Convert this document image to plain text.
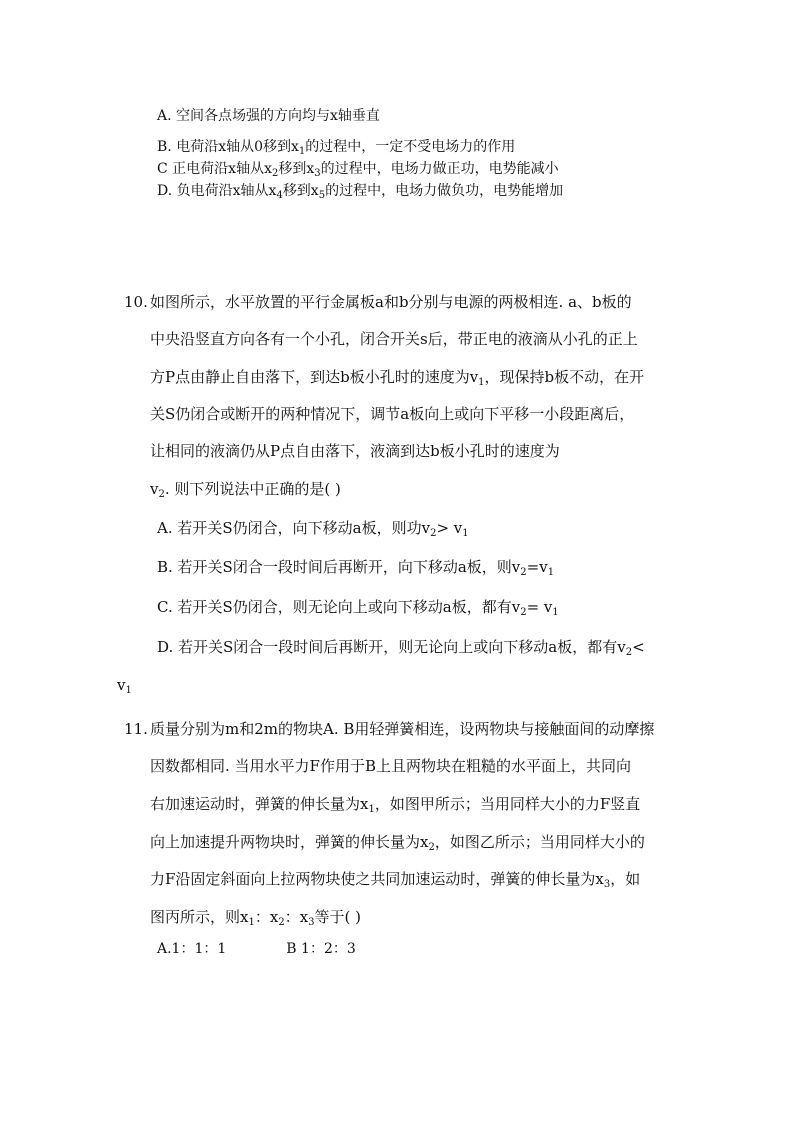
A. 空间各点场强的方向均与x轴垂直
B. 电荷沿x轴从0移到$x_1$的过程中，一定不受电场力的作用
C 正电荷沿x轴从$x_2$移到$x_3$的过程中，电场力做正功，电势能减小
D. 负电荷沿x轴从$x_4$移到$x_5$的过程中，电场力做负功，电势能增加
10. 如图所示，水平放置的平行金属板a和b分别与电源的两极相连. a、b板的
中央沿竖直方向各有一个小孔，闭合开关s后，带正电的液滴从小孔的正上
方P点由静止自由落下，到达b板小孔时的速度为$v_1$，现保持b板不动，在开
关S仍闭合或断开的两种情况下，调节a板向上或向下平移一小段距离后，
让相同的液滴仍从P点自由落下，液滴到达b板小孔时的速度为
$v_2$. 则下列说法中正确的是( )
A. 若开关S仍闭合，向下移动a板，则功$v_2> v_1$
B. 若开关S闭合一段时间后再断开，向下移动a板，则$v_2=v_1$
C. 若开关S仍闭合，则无论向上或向下移动a板，都有$v_2= v_1$
D. 若开关S闭合一段时间后再断开，则无论向上或向下移动a板，都有$v_2<$
$v_1$
11. 质量分别为m和2m的物块A. B用轻弹簧相连，设两物块与接触面间的动摩擦
因数都相同. 当用水平力F作用于B上且两物块在粗糙的水平面上，共同向
右加速运动时，弹簧的伸长量为$x_1$，如图甲所示；当用同样大小的力F竖直
向上加速提升两物块时，弹簧的伸长量为$x_2$，如图乙所示；当用同样大小的
力F沿固定斜面向上拉两物块使之共同加速运动时，弹簧的伸长量为$x_3$，如
图丙所示，则$x_1$：$x_2$：$x_3$等于( )
A.1：1：1	B 1：2：3
